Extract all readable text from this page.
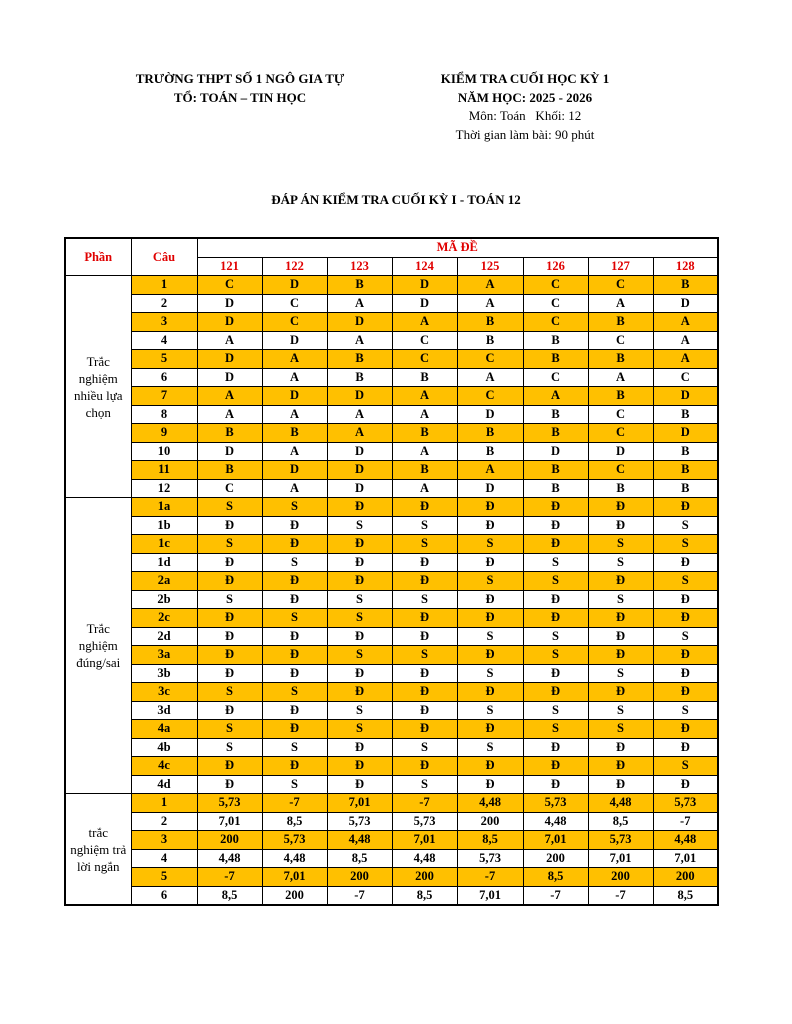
TRƯỜNG THPT SỐ 1 NGÔ GIA TỰ
TỔ: TOÁN – TIN HỌC
KIỂM TRA CUỐI HỌC KỲ 1
NĂM HỌC: 2025 - 2026
Môn: Toán   Khối: 12
Thời gian làm bài: 90 phút
ĐÁP ÁN KIỂM TRA CUỐI KỲ I - TOÁN 12
Phần	Câu	MÃ ĐỀ							
		121	122	123	124	125	126	127	128
Trắc nghiệm nhiều lựa chọn	1	C	D	B	D	A	C	C	B
	2	D	C	A	D	A	C	A	D
	3	D	C	D	A	B	C	B	A
	4	A	D	A	C	B	B	C	A
	5	D	A	B	C	C	B	B	A
	6	D	A	B	B	A	C	A	C
	7	A	D	D	A	C	A	B	D
	8	A	A	A	A	D	B	C	B
	9	B	B	A	B	B	B	C	D
	10	D	A	D	A	B	D	D	B
	11	B	D	D	B	A	B	C	B
	12	C	A	D	A	D	B	B	B
Trắc nghiệm đúng/sai	1a	S	S	Đ	Đ	Đ	Đ	Đ	Đ
	1b	Đ	Đ	S	S	Đ	Đ	Đ	S
	1c	S	Đ	Đ	S	S	Đ	S	S
	1d	Đ	S	Đ	Đ	Đ	S	S	Đ
	2a	Đ	Đ	Đ	Đ	S	S	Đ	S
	2b	S	Đ	S	S	Đ	Đ	S	Đ
	2c	Đ	S	S	Đ	Đ	Đ	Đ	Đ
	2d	Đ	Đ	Đ	Đ	S	S	Đ	S
	3a	Đ	Đ	S	S	Đ	S	Đ	Đ
	3b	Đ	Đ	Đ	Đ	S	Đ	S	Đ
	3c	S	S	Đ	Đ	Đ	Đ	Đ	Đ
	3d	Đ	Đ	S	Đ	S	S	S	S
	4a	S	Đ	S	Đ	Đ	S	S	Đ
	4b	S	S	Đ	S	S	Đ	Đ	Đ
	4c	Đ	Đ	Đ	Đ	Đ	Đ	Đ	S
	4d	Đ	S	Đ	S	Đ	Đ	Đ	Đ
trắc nghiệm trả lời ngắn	1	5,73	-7	7,01	-7	4,48	5,73	4,48	5,73
	2	7,01	8,5	5,73	5,73	200	4,48	8,5	-7
	3	200	5,73	4,48	7,01	8,5	7,01	5,73	4,48
	4	4,48	4,48	8,5	4,48	5,73	200	7,01	7,01
	5	-7	7,01	200	200	-7	8,5	200	200
	6	8,5	200	-7	8,5	7,01	-7	-7	8,5
